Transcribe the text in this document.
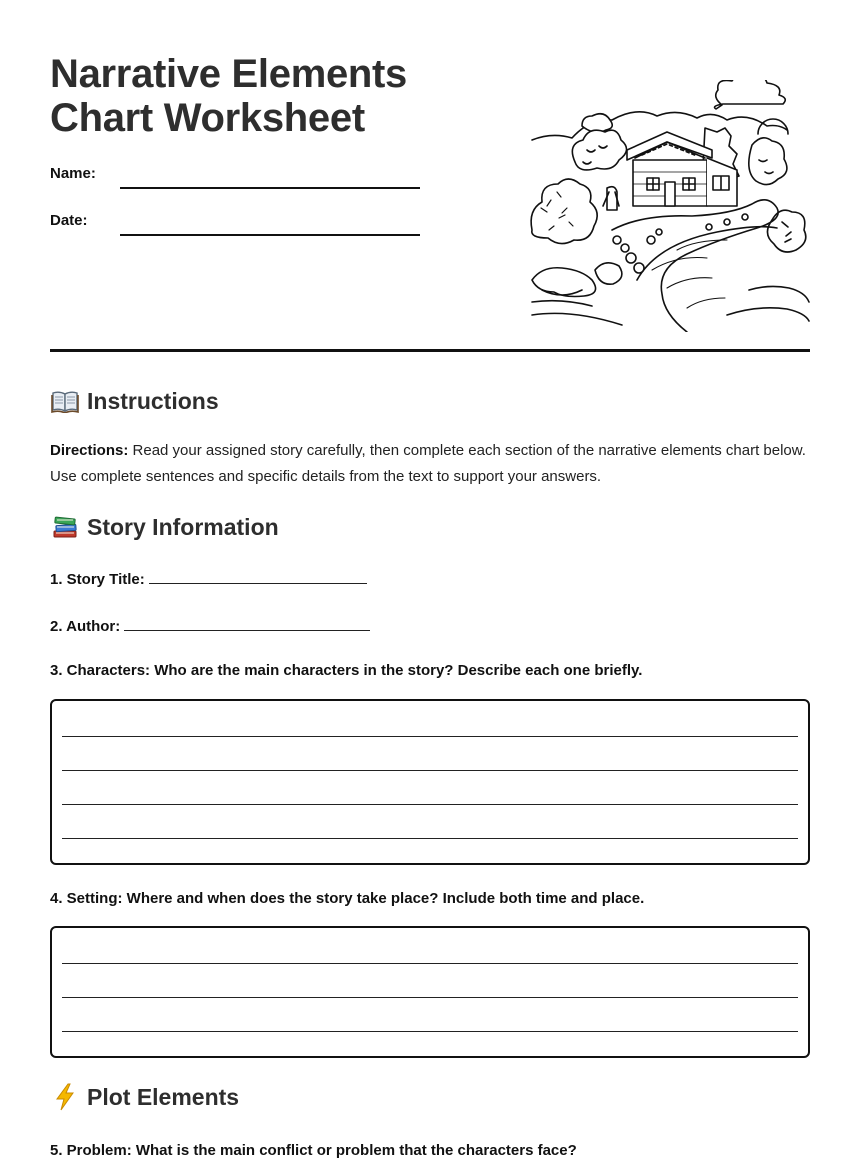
Narrative Elements
Chart Worksheet
Name:
Date:
Instructions

Directions: Read your assigned story carefully, then complete each section of the narrative elements chart below. Use complete sentences and specific details from the text to support your answers.

Story Information
1. Story Title:
2. Author:
3. Characters: Who are the main characters in the story? Describe each one briefly.
4. Setting: Where and when does the story take place? Include both time and place.
Plot Elements
5. Problem: What is the main conflict or problem that the characters face?
